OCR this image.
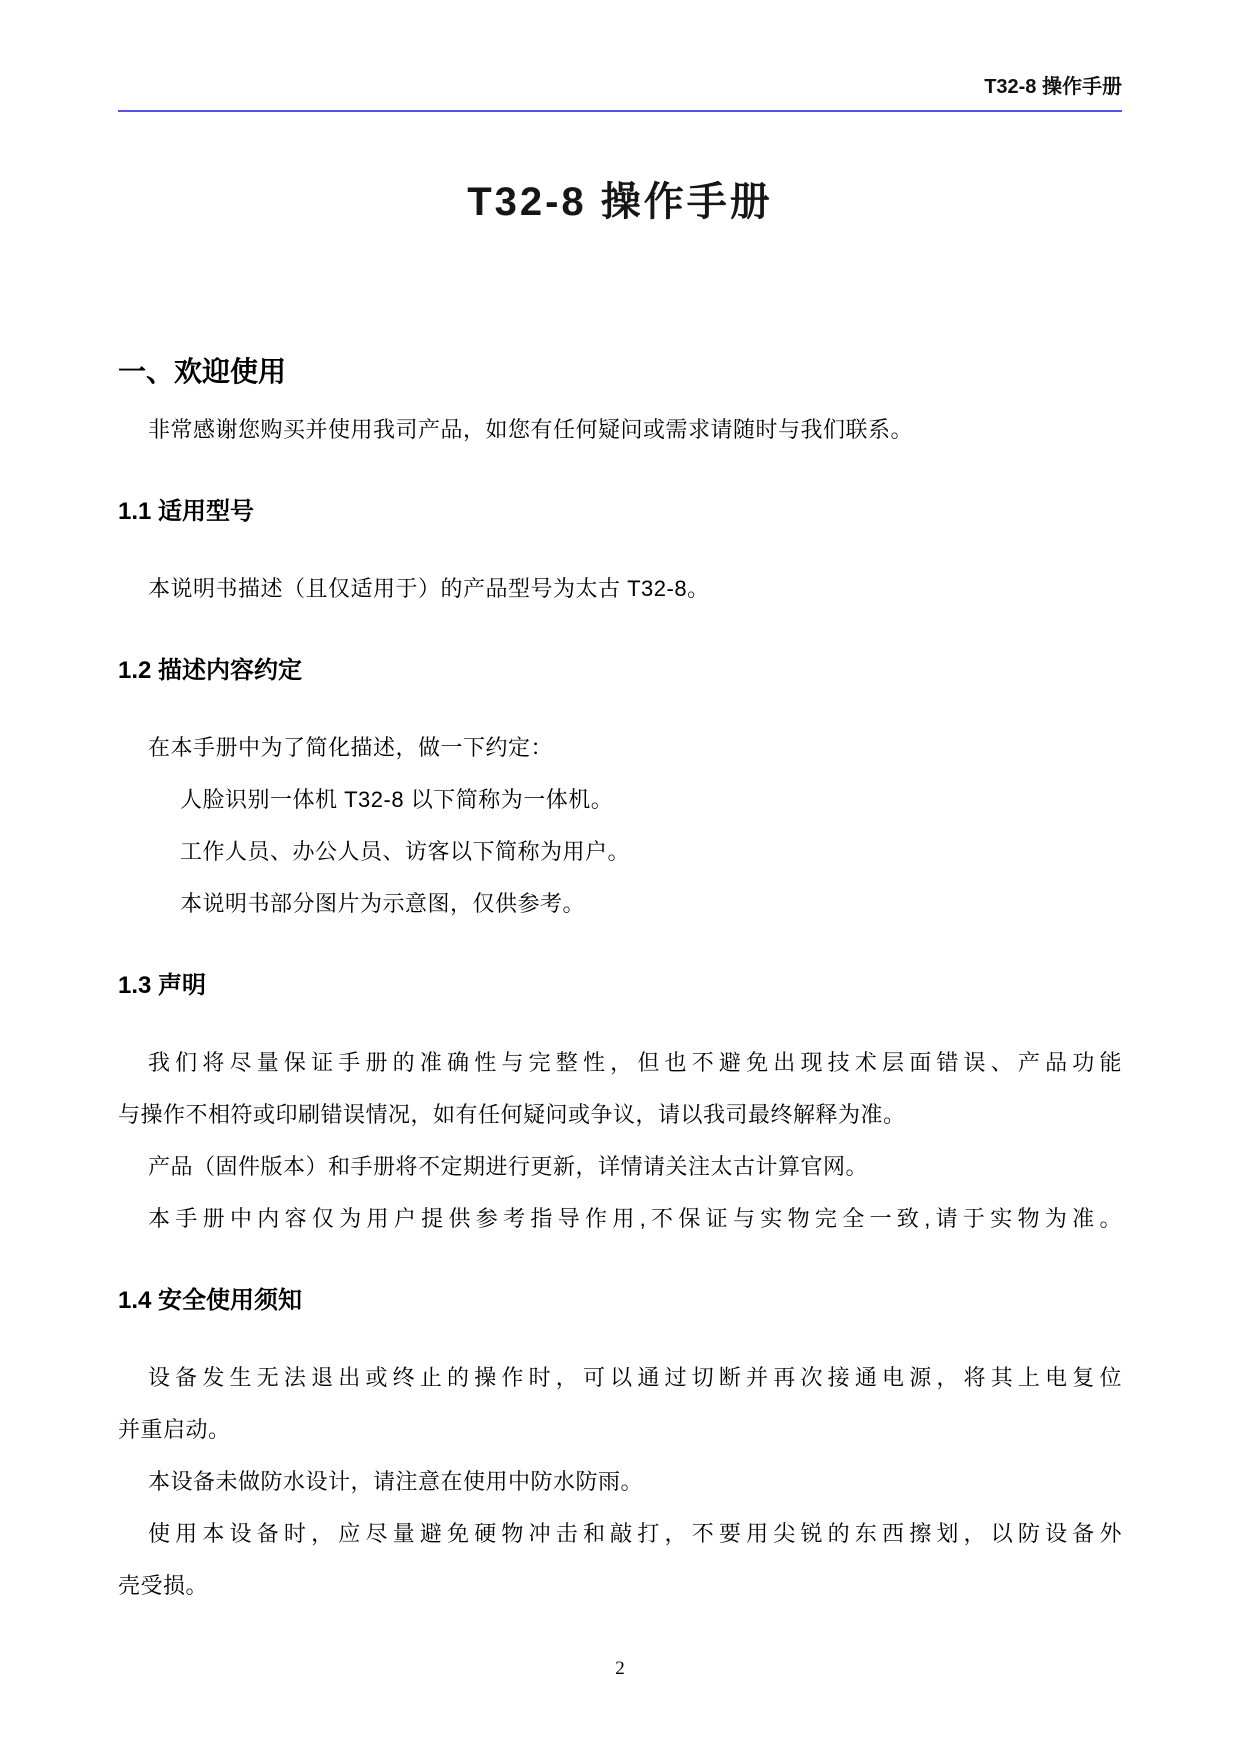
T32-8 操作手册
T32-8 操作手册
一、欢迎使用

非常感谢您购买并使用我司产品，如您有任何疑问或需求请随时与我们联系。

1.1 适用型号

本说明书描述（且仅适用于）的产品型号为太古 T32-8。

1.2 描述内容约定

在本手册中为了简化描述，做一下约定：

人脸识别一体机 T32-8 以下简称为一体机。

工作人员、办公人员、访客以下简称为用户。

本说明书部分图片为示意图，仅供参考。

1.3 声明

我们将尽量保证手册的准确性与完整性，但也不避免出现技术层面错误、产品功能
与操作不相符或印刷错误情况，如有任何疑问或争议，请以我司最终解释为准。

产品（固件版本）和手册将不定期进行更新，详情请关注太古计算官网。

本手册中内容仅为用户提供参考指导作用,不保证与实物完全一致,请于实物为准。

1.4 安全使用须知

设备发生无法退出或终止的操作时，可以通过切断并再次接通电源，将其上电复位
并重启动。

本设备未做防水设计，请注意在使用中防水防雨。

使用本设备时，应尽量避免硬物冲击和敲打，不要用尖锐的东西擦划，以防设备外
壳受损。

2
